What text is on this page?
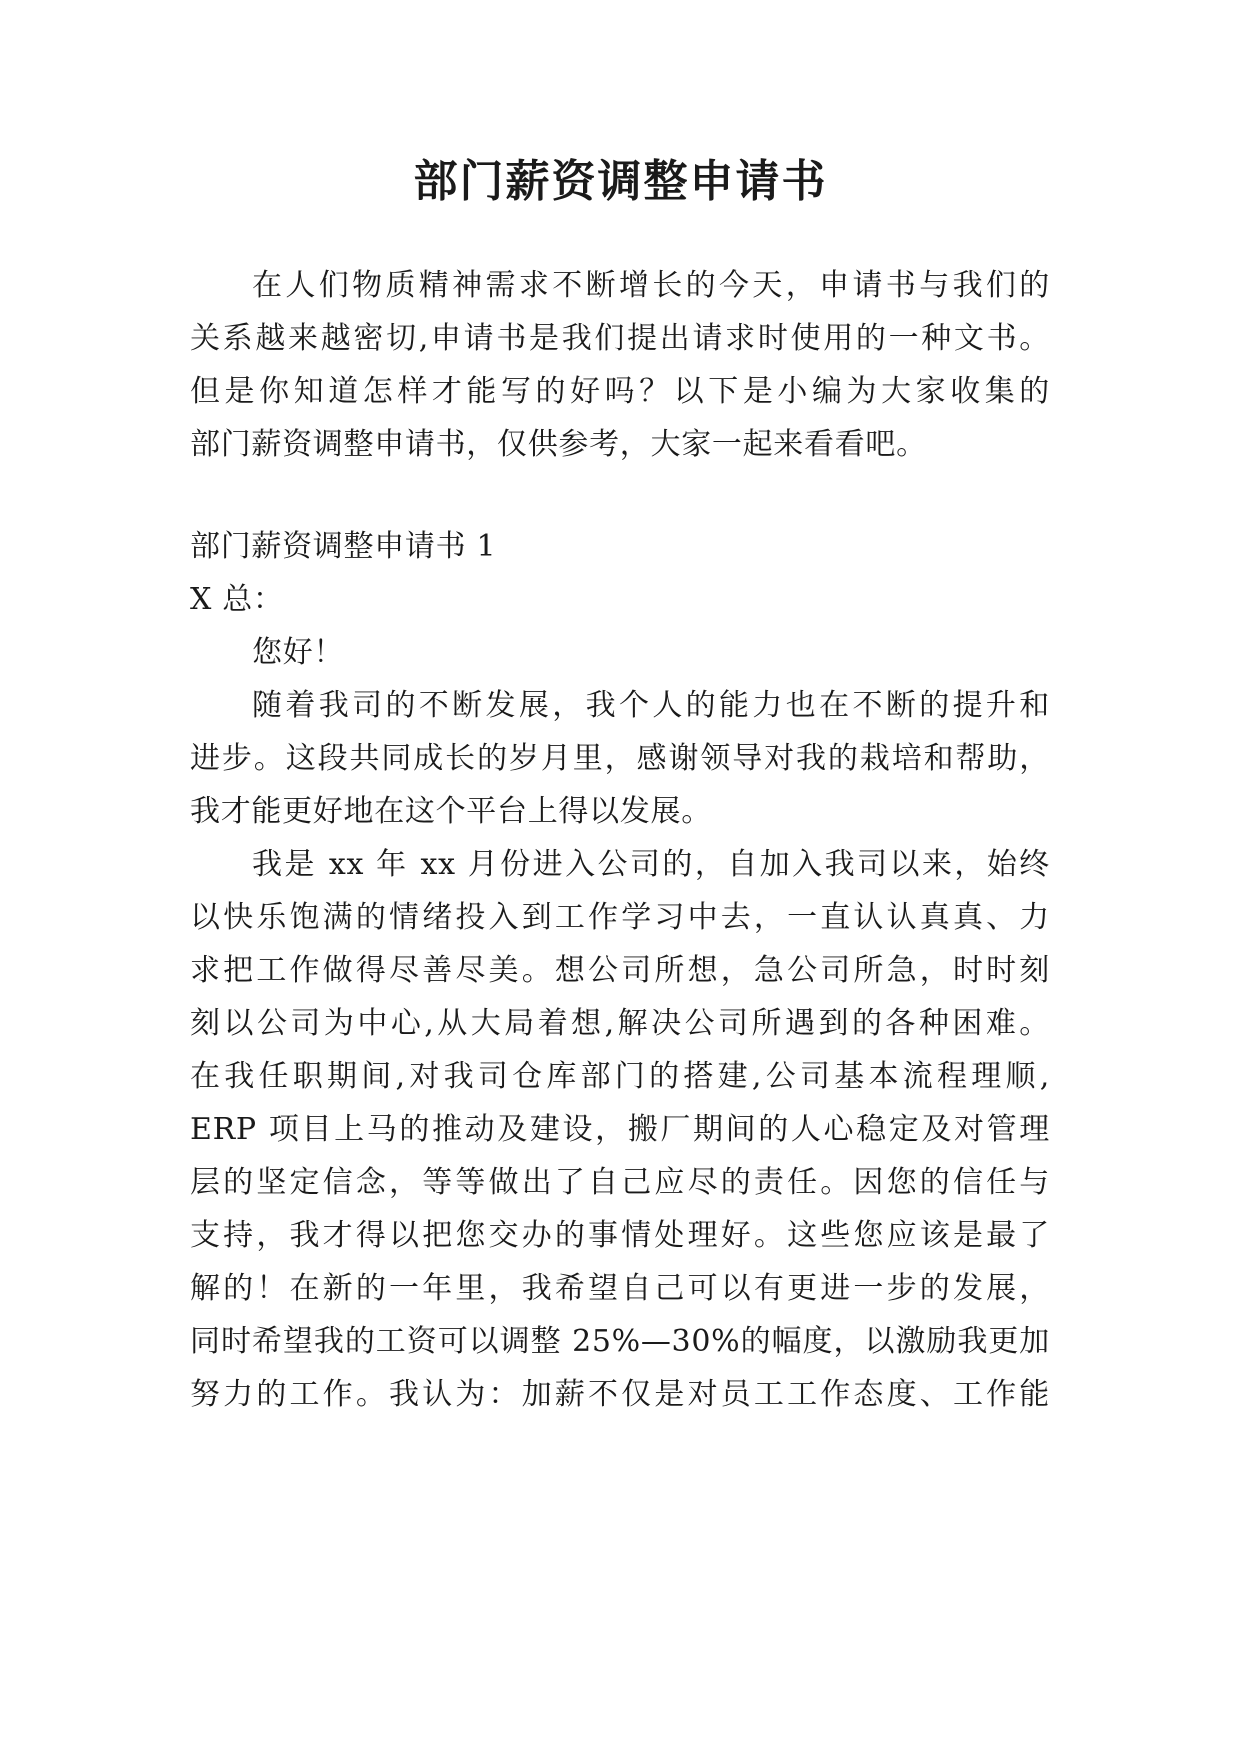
部门薪资调整申请书
在人们物质精神需求不断增长的今天，申请书与我们的
关系越来越密切,申请书是我们提出请求时使用的一种文书。
但是你知道怎样才能写的好吗？以下是小编为大家收集的
部门薪资调整申请书，仅供参考，大家一起来看看吧。
部门薪资调整申请书 1
X 总：
您好！
随着我司的不断发展，我个人的能力也在不断的提升和
进步。这段共同成长的岁月里，感谢领导对我的栽培和帮助，
我才能更好地在这个平台上得以发展。
我是 xx 年 xx 月份进入公司的，自加入我司以来，始终
以快乐饱满的情绪投入到工作学习中去，一直认认真真、力
求把工作做得尽善尽美。想公司所想，急公司所急，时时刻
刻以公司为中心,从大局着想,解决公司所遇到的各种困难。
在我任职期间,对我司仓库部门的搭建,公司基本流程理顺,
ERP 项目上马的推动及建设，搬厂期间的人心稳定及对管理
层的坚定信念，等等做出了自己应尽的责任。因您的信任与
支持，我才得以把您交办的事情处理好。这些您应该是最了
解的！在新的一年里，我希望自己可以有更进一步的发展，
同时希望我的工资可以调整 25%—30%的幅度，以激励我更加
努力的工作。我认为：加薪不仅是对员工工作态度、工作能
